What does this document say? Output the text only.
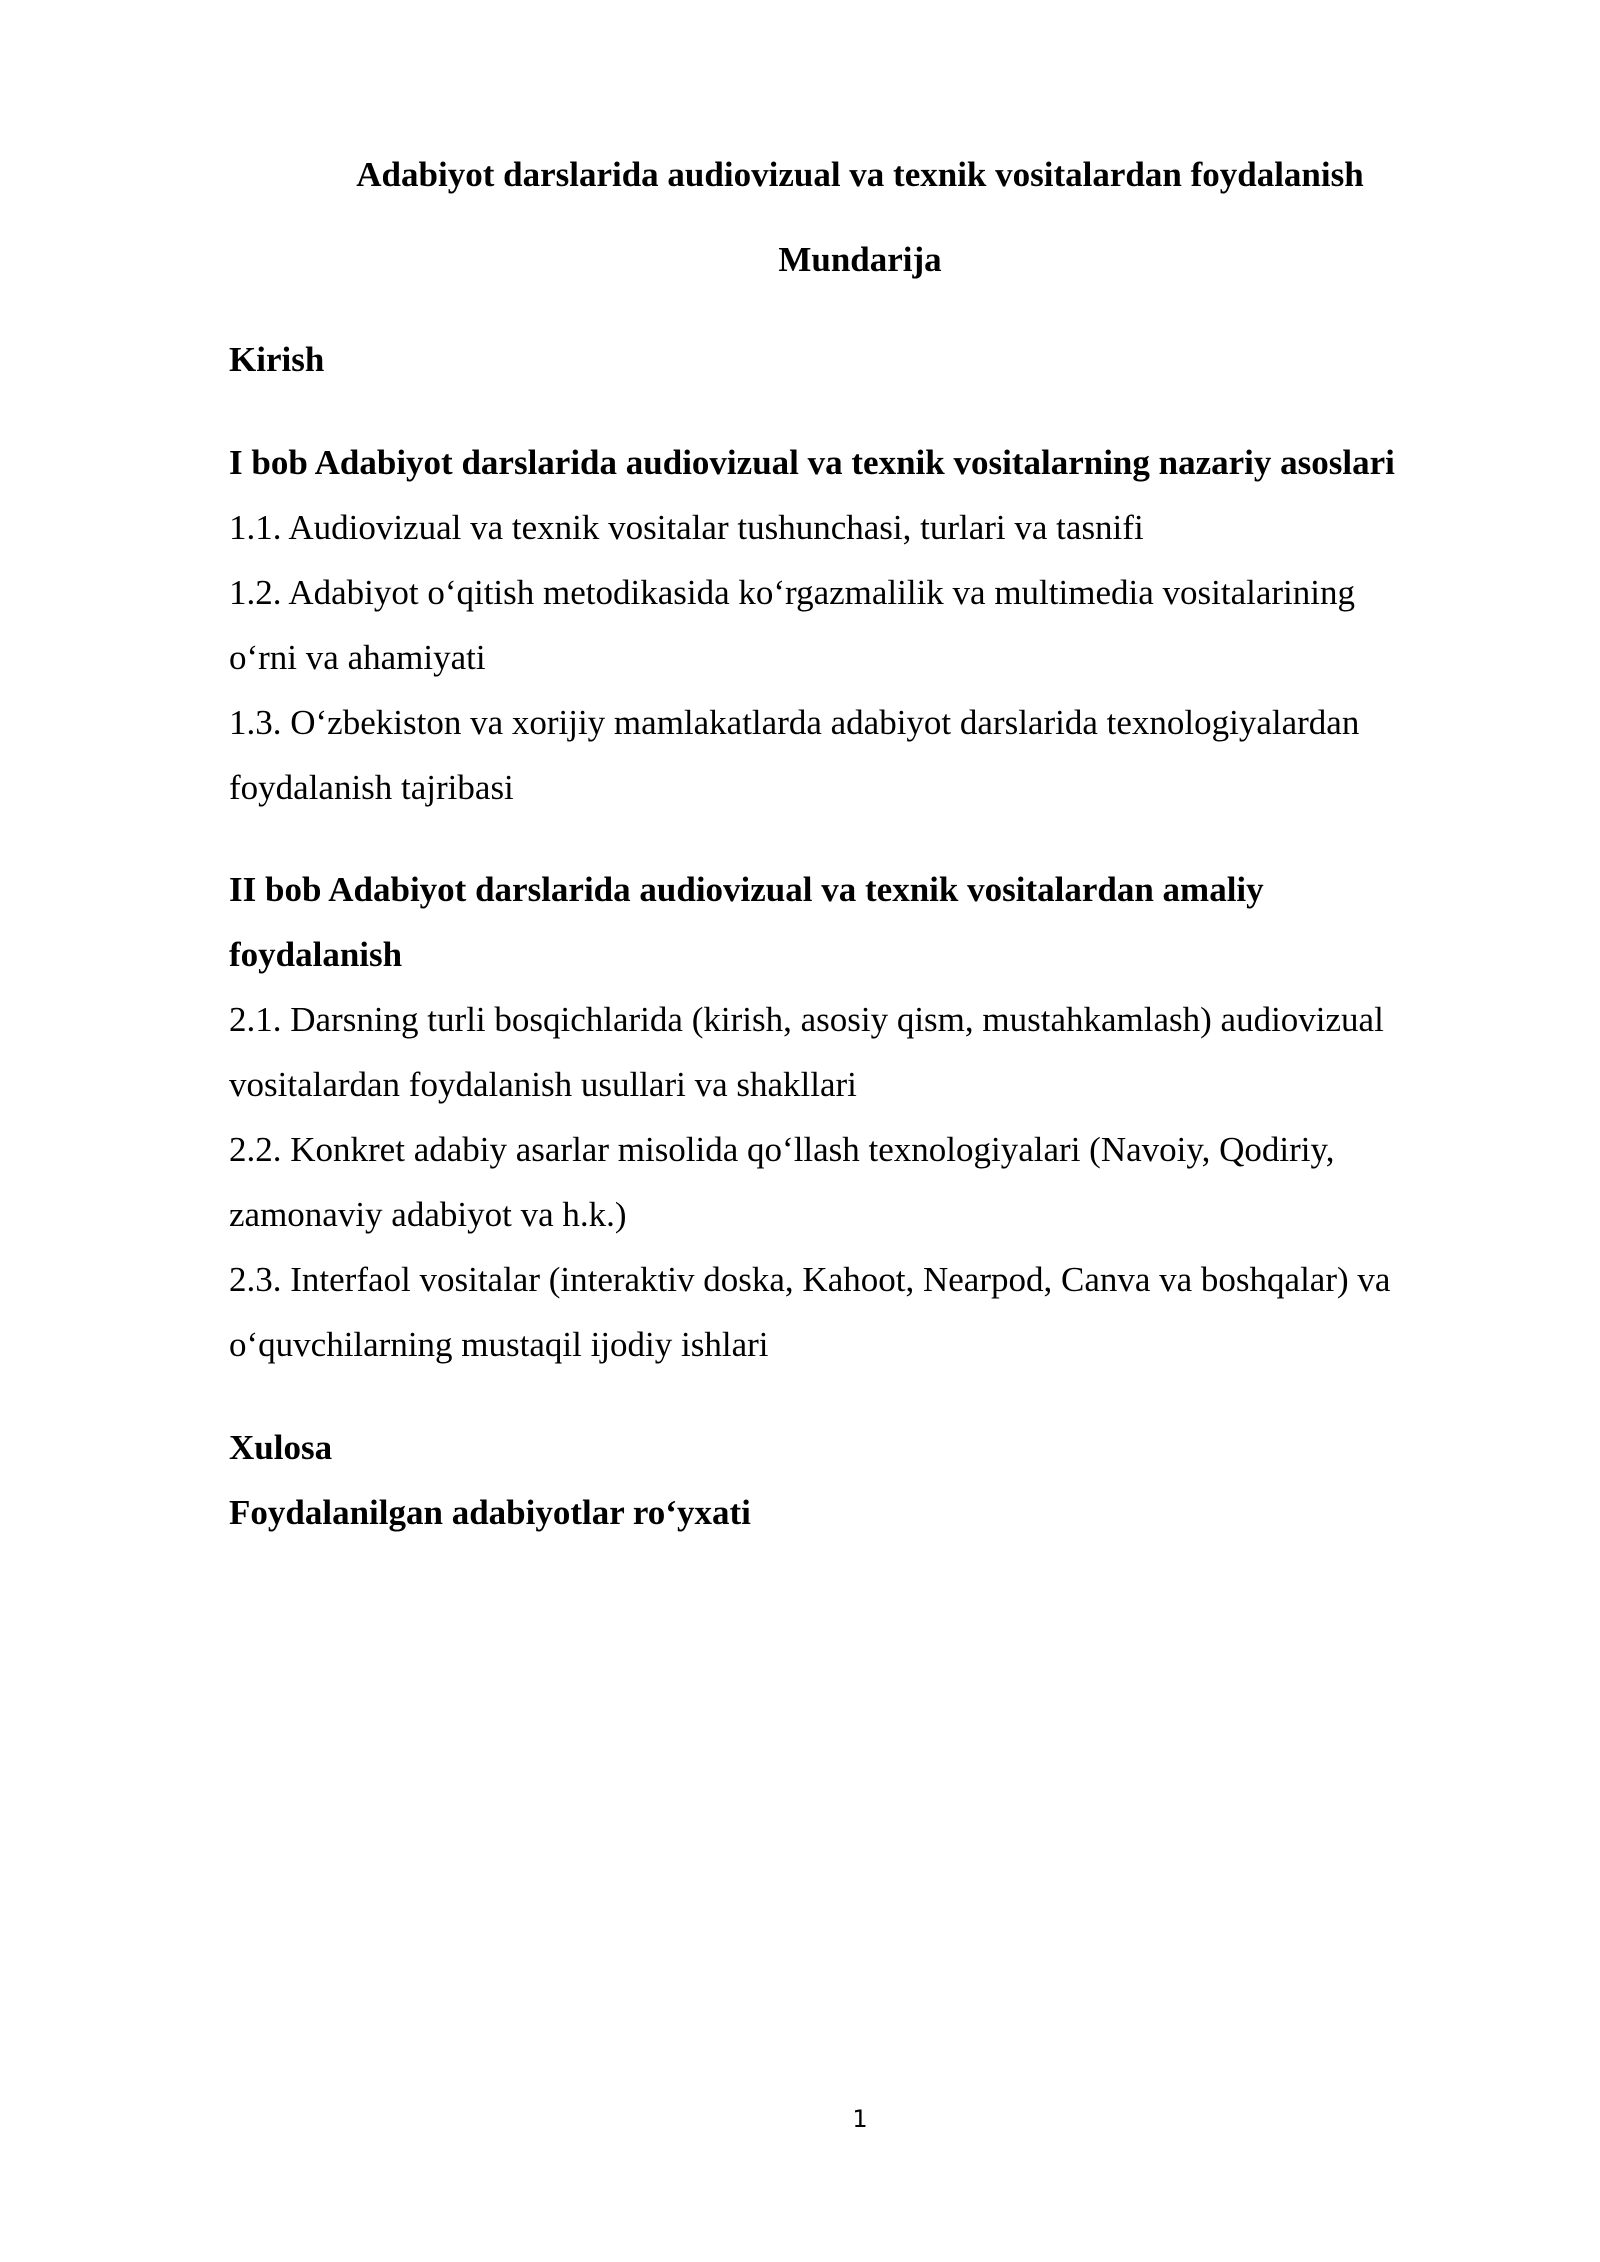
Adabiyot darslarida audiovizual va texnik vositalardan foydalanish
Mundarija
Kirish
I bob Adabiyot darslarida audiovizual va texnik vositalarning nazariy asoslari
1.1. Audiovizual va texnik vositalar tushunchasi, turlari va tasnifi
1.2. Adabiyot o‘qitish metodikasida ko‘rgazmalilik va multimedia vositalarining
o‘rni va ahamiyati
1.3. O‘zbekiston va xorijiy mamlakatlarda adabiyot darslarida texnologiyalardan
foydalanish tajribasi
II bob Adabiyot darslarida audiovizual va texnik vositalardan amaliy
foydalanish
2.1. Darsning turli bosqichlarida (kirish, asosiy qism, mustahkamlash) audiovizual
vositalardan foydalanish usullari va shakllari
2.2. Konkret adabiy asarlar misolida qo‘llash texnologiyalari (Navoiy, Qodiriy,
zamonaviy adabiyot va h.k.)
2.3. Interfaol vositalar (interaktiv doska, Kahoot, Nearpod, Canva va boshqalar) va
o‘quvchilarning mustaqil ijodiy ishlari
Xulosa
Foydalanilgan adabiyotlar ro‘yxati
1
